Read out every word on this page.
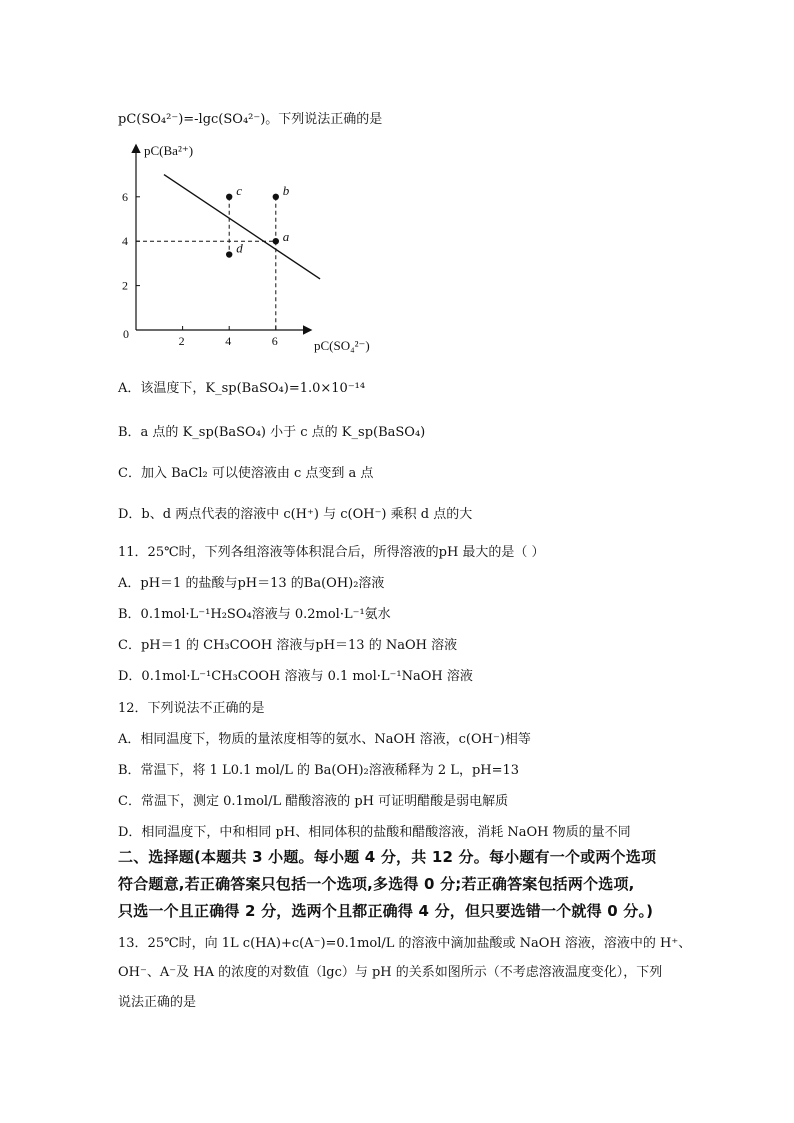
pC(SO₄²⁻)=-lgc(SO₄²⁻)。下列说法正确的是
pC(Ba²⁺)
pC(SO₄²⁻)
0	2	4	6
2
4
6
a
b
c
d
A．该温度下，K_sp(BaSO₄)=1.0×10⁻¹⁴
B．a 点的 K_sp(BaSO₄) 小于 c 点的 K_sp(BaSO₄)
C．加入 BaCl₂ 可以使溶液由 c 点变到 a 点
D．b、d 两点代表的溶液中 c(H⁺) 与 c(OH⁻) 乘积 d 点的大
11．25℃时，下列各组溶液等体积混合后，所得溶液的pH 最大的是（ ）
A．pH＝1 的盐酸与pH＝13 的Ba(OH)₂溶液
B．0.1mol·L⁻¹H₂SO₄溶液与 0.2mol·L⁻¹氨水
C．pH＝1 的 CH₃COOH 溶液与pH＝13 的 NaOH 溶液
D．0.1mol·L⁻¹CH₃COOH 溶液与 0.1 mol·L⁻¹NaOH 溶液
12．下列说法不正确的是
A．相同温度下，物质的量浓度相等的氨水、NaOH 溶液，c(OH⁻)相等
B．常温下，将 1 L0.1 mol/L 的 Ba(OH)₂溶液稀释为 2 L，pH=13
C．常温下，测定 0.1mol/L 醋酸溶液的 pH 可证明醋酸是弱电解质
D．相同温度下，中和相同 pH、相同体积的盐酸和醋酸溶液，消耗 NaOH 物质的量不同
二、选择题(本题共 3 小题。每小题 4 分，共 12 分。每小题有一个或两个选项
符合题意,若正确答案只包括一个选项,多选得 0 分;若正确答案包括两个选项,
只选一个且正确得 2 分，选两个且都正确得 4 分，但只要选错一个就得 0 分。)
13．25℃时，向 1L c(HA)+c(A⁻)=0.1mol/L 的溶液中滴加盐酸或 NaOH 溶液，溶液中的 H⁺、
OH⁻、A⁻及 HA 的浓度的对数值（lgc）与 pH 的关系如图所示（不考虑溶液温度变化），下列
说法正确的是
